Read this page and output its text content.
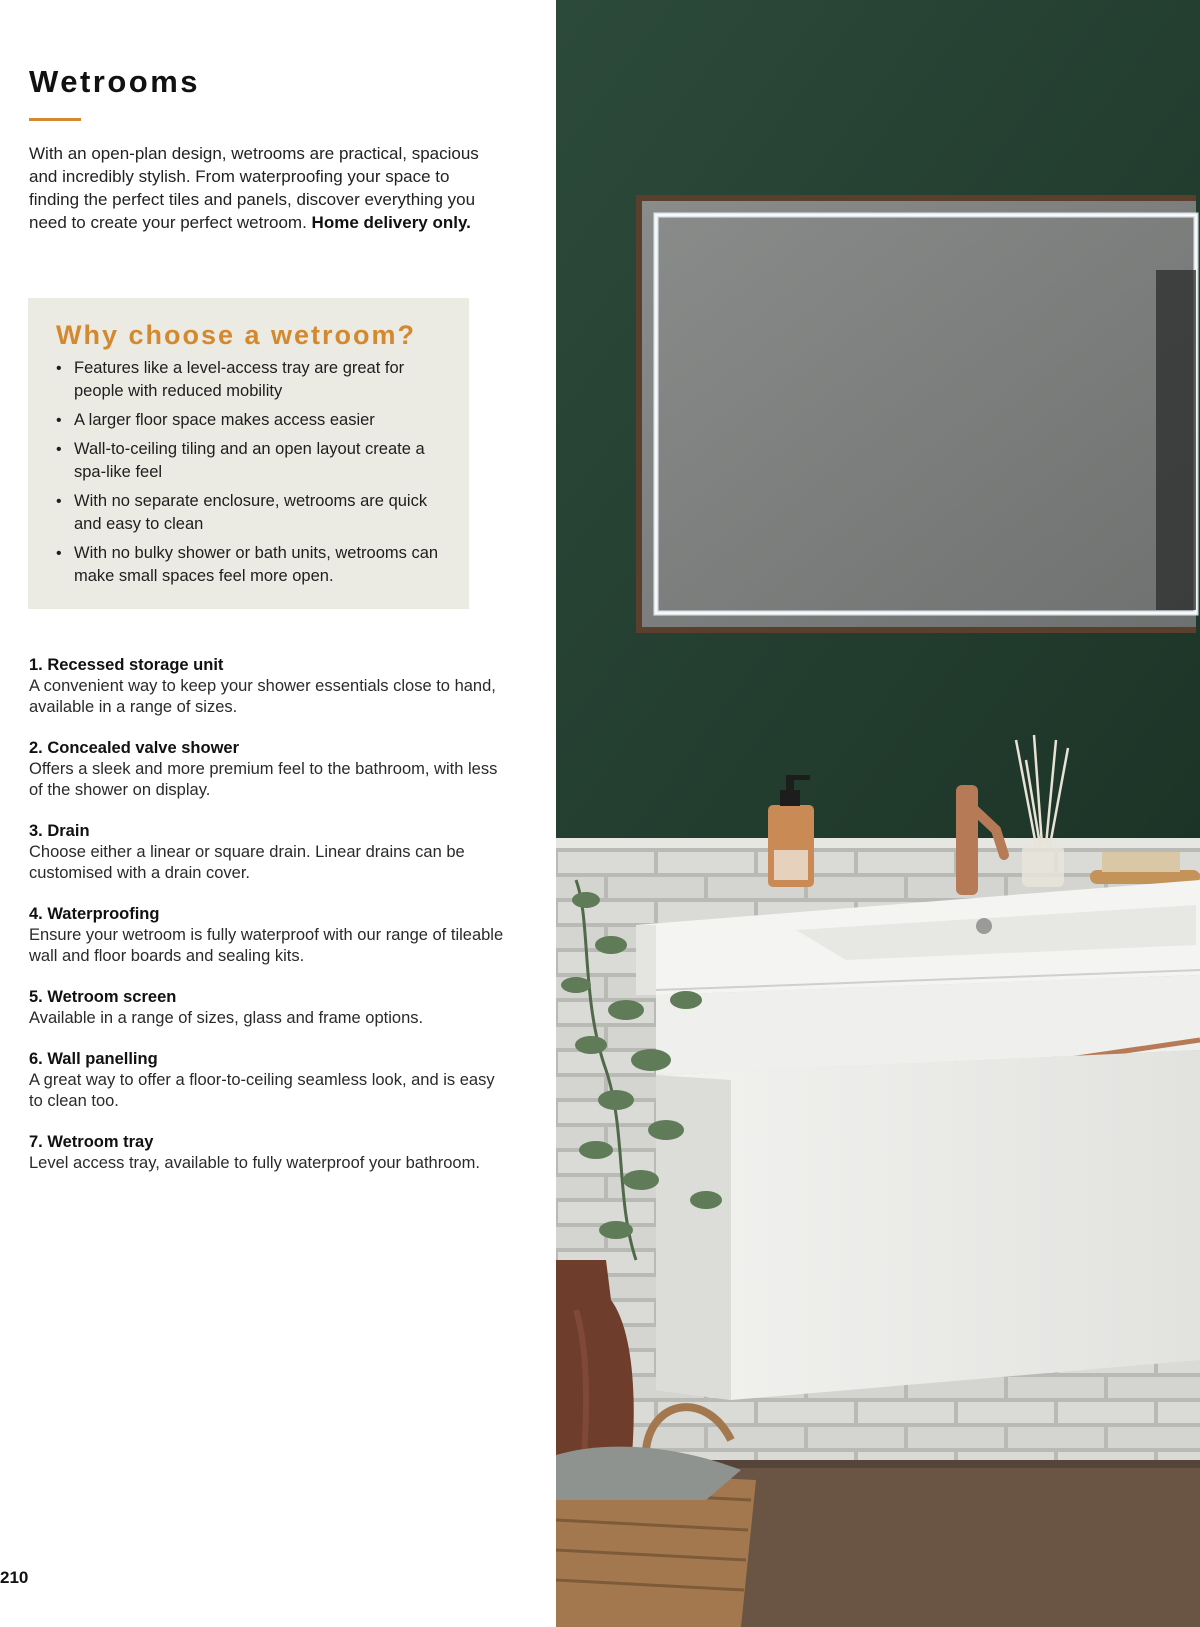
Wetrooms

With an open-plan design, wetrooms are practical, spacious and incredibly stylish. From waterproofing your space to finding the perfect tiles and panels, discover everything you need to create your perfect wetroom. Home delivery only.

Why choose a wetroom?
• Features like a level-access tray are great for people with reduced mobility
• A larger floor space makes access easier
• Wall-to-ceiling tiling and an open layout create a spa-like feel
• With no separate enclosure, wetrooms are quick and easy to clean
• With no bulky shower or bath units, wetrooms can make small spaces feel more open.
1. Recessed storage unit
A convenient way to keep your shower essentials close to hand, available in a range of sizes.
2. Concealed valve shower
Offers a sleek and more premium feel to the bathroom, with less of the shower on display.
3. Drain
Choose either a linear or square drain. Linear drains can be customised with a drain cover.
4. Waterproofing
Ensure your wetroom is fully waterproof with our range of tileable wall and floor boards and sealing kits.
5. Wetroom screen
Available in a range of sizes, glass and frame options.
6. Wall panelling
A great way to offer a floor-to-ceiling seamless look, and is easy to clean too.
7. Wetroom tray
Level access tray, available to fully waterproof your bathroom.
210
